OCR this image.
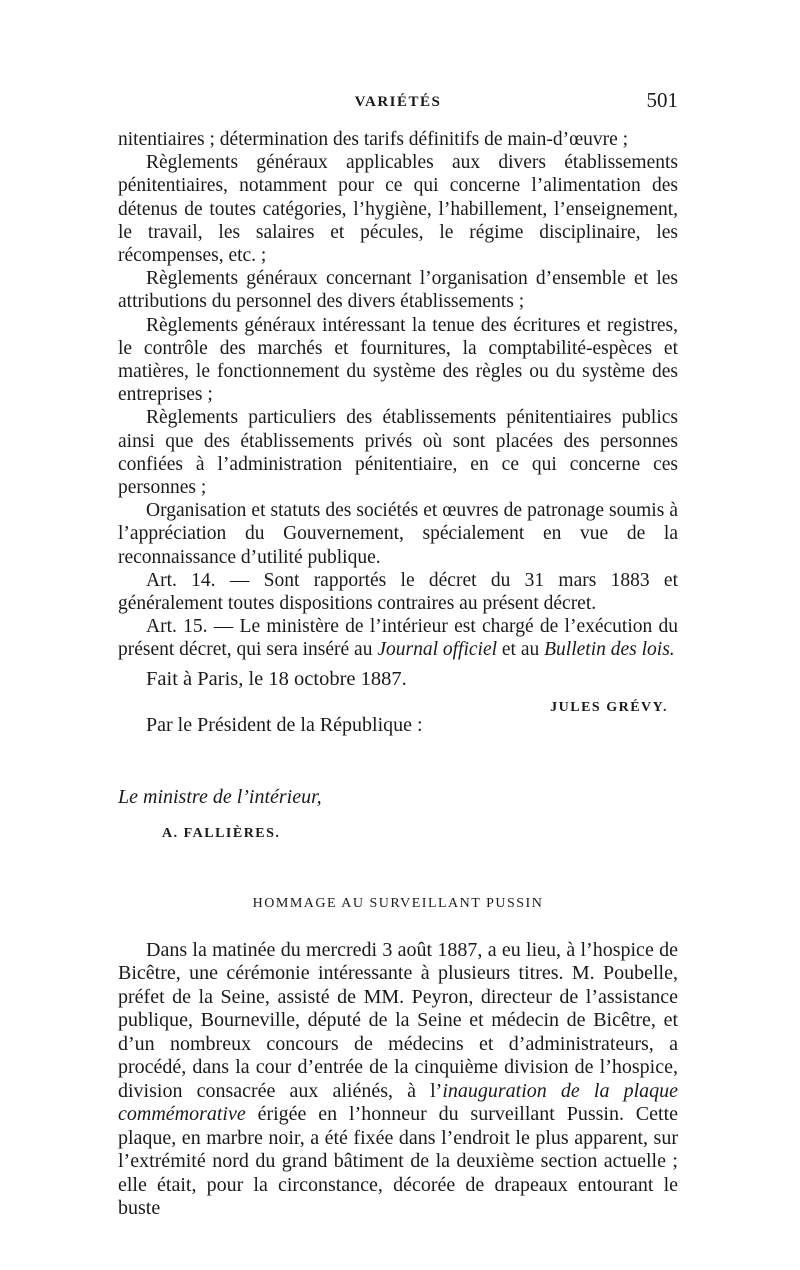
VARIÉTÉS	501

nitentiaires ; détermination des tarifs définitifs de main-d’œuvre ;

Règlements généraux applicables aux divers établissements pénitentiaires, notamment pour ce qui concerne l’alimentation des détenus de toutes catégories, l’hygiène, l’habillement, l’enseignement, le travail, les salaires et pécules, le régime disciplinaire, les récompenses, etc. ;

Règlements généraux concernant l’organisation d’ensemble et les attributions du personnel des divers établissements ;

Règlements généraux intéressant la tenue des écritures et registres, le contrôle des marchés et fournitures, la comptabilité-espèces et matières, le fonctionnement du système des règles ou du système des entreprises ;

Règlements particuliers des établissements pénitentiaires publics ainsi que des établissements privés où sont placées des personnes confiées à l’administration pénitentiaire, en ce qui concerne ces personnes ;

Organisation et statuts des sociétés et œuvres de patronage soumis à l’appréciation du Gouvernement, spécialement en vue de la reconnaissance d’utilité publique.

Art. 14. — Sont rapportés le décret du 31 mars 1883 et généralement toutes dispositions contraires au présent décret.

Art. 15. — Le ministère de l’intérieur est chargé de l’exécution du présent décret, qui sera inséré au Journal officiel et au Bulletin des lois.

Fait à Paris, le 18 octobre 1887.
JULES GRÉVY.
Par le Président de la République :
Le ministre de l’intérieur,
A. FALLIÈRES.
HOMMAGE AU SURVEILLANT PUSSIN

Dans la matinée du mercredi 3 août 1887, a eu lieu, à l’hospice de Bicêtre, une cérémonie intéressante à plusieurs titres. M. Poubelle, préfet de la Seine, assisté de MM. Peyron, directeur de l’assistance publique, Bourneville, député de la Seine et médecin de Bicêtre, et d’un nombreux concours de médecins et d’administrateurs, a procédé, dans la cour d’entrée de la cinquième division de l’hospice, division consacrée aux aliénés, à l’inauguration de la plaque commémorative érigée en l’honneur du surveillant Pussin. Cette plaque, en marbre noir, a été fixée dans l’endroit le plus apparent, sur l’extrémité nord du grand bâtiment de la deuxième section actuelle ; elle était, pour la circonstance, décorée de drapeaux entourant le buste
